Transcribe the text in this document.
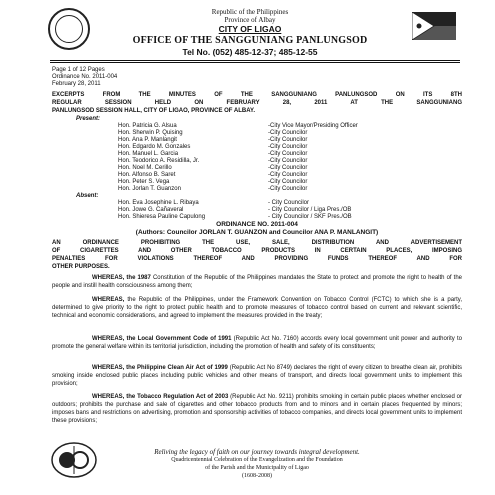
Republic of the Philippines
Province of Albay
CITY OF LIGAO
OFFICE OF THE SANGGUNIANG PANLUNGSOD
Tel No. (052) 485-12-37; 485-12-55
Page 1 of 12 Pages
Ordinance No. 2011-004
February 28, 2011
EXCERPTS FROM THE MINUTES OF THE SANGGUNIANG PANLUNGSOD ON ITS 8TH
REGULAR SESSION HELD ON FEBRUARY 28, 2011 AT THE SANGGUNIANG
PANLUNGSOD SESSION HALL, CITY OF LIGAO, PROVINCE OF ALBAY.
Present:
Hon. Patricia G. Alsua	-City Vice Mayor/Presiding Officer
Hon. Sherwin P. Quising	-City Councilor
Hon. Ana P. Manlangit	-City Councilor
Hon. Edgardo M. Gonzales	-City Councilor
Hon. Manuel L. Garcia	-City Councilor
Hon. Teodorico A. Residilla, Jr.	-City Councilor
Hon. Noel M. Cerillo	-City Councilor
Hon. Alfonso B. Saret	-City Councilor
Hon. Peter S. Vega	-City Councilor
Hon. Jorlan T. Guanzon	-City Councilor
Absent:
Hon. Eva Josephine L. Ribaya	- City Councilor
Hon. Jowe G. Cañaveral	- City Councilor / Liga Pres./OB
Hon. Shieresa Pauline Capulong	- City Councilor / SKF Pres./OB
ORDINANCE NO. 2011-004
(Authors: Councilor JORLAN T. GUANZON and Councilor ANA P. MANLANGIT)
AN ORDINANCE PROHIBITING THE USE, SALE, DISTRIBUTION AND ADVERTISEMENT
OF CIGARETTES AND OTHER TOBACCO PRODUCTS IN CERTAIN PLACES, IMPOSING
PENALTIES FOR VIOLATIONS THEREOF AND PROVIDING FUNDS THEREOF AND FOR
OTHER PURPOSES.
WHEREAS, the 1987 Constitution of the Republic of the Philippines mandates the State to protect and promote the right to health of the people and instill health consciousness among them;
WHEREAS, the Republic of the Philippines, under the Framework Convention on Tobacco Control (FCTC) to which she is a party, determined to give priority to the right to protect public health and to promote measures of tobacco control based on current and relevant scientific, technical and economic considerations, and agreed to implement the measures provided in the treaty;
WHEREAS, the Local Government Code of 1991 (Republic Act No. 7160) accords every local government unit power and authority to promote the general welfare within its territorial jurisdiction, including the promotion of health and safety of its constituents;
WHEREAS, the Philippine Clean Air Act of 1999 (Republic Act No 8749) declares the right of every citizen to breathe clean air, prohibits smoking inside enclosed public places including public vehicles and other means of transport, and directs local government units to implement this provision;
WHEREAS, the Tobacco Regulation Act of 2003 (Republic Act No. 9211) prohibits smoking in certain public places whether enclosed or outdoors; prohibits the purchase and sale of cigarettes and other tobacco products from and to minors and in certain places frequented by minors; imposes bans and restrictions on advertising, promotion and sponsorship activities of tobacco companies, and directs local government units to implement these provisions;
Reliving the legacy of faith on our journey towards integral development.
Quadricentennial Celebration of the Evangelization and the Foundation
of the Parish and the Municipality of Ligao
(1608-2008)
